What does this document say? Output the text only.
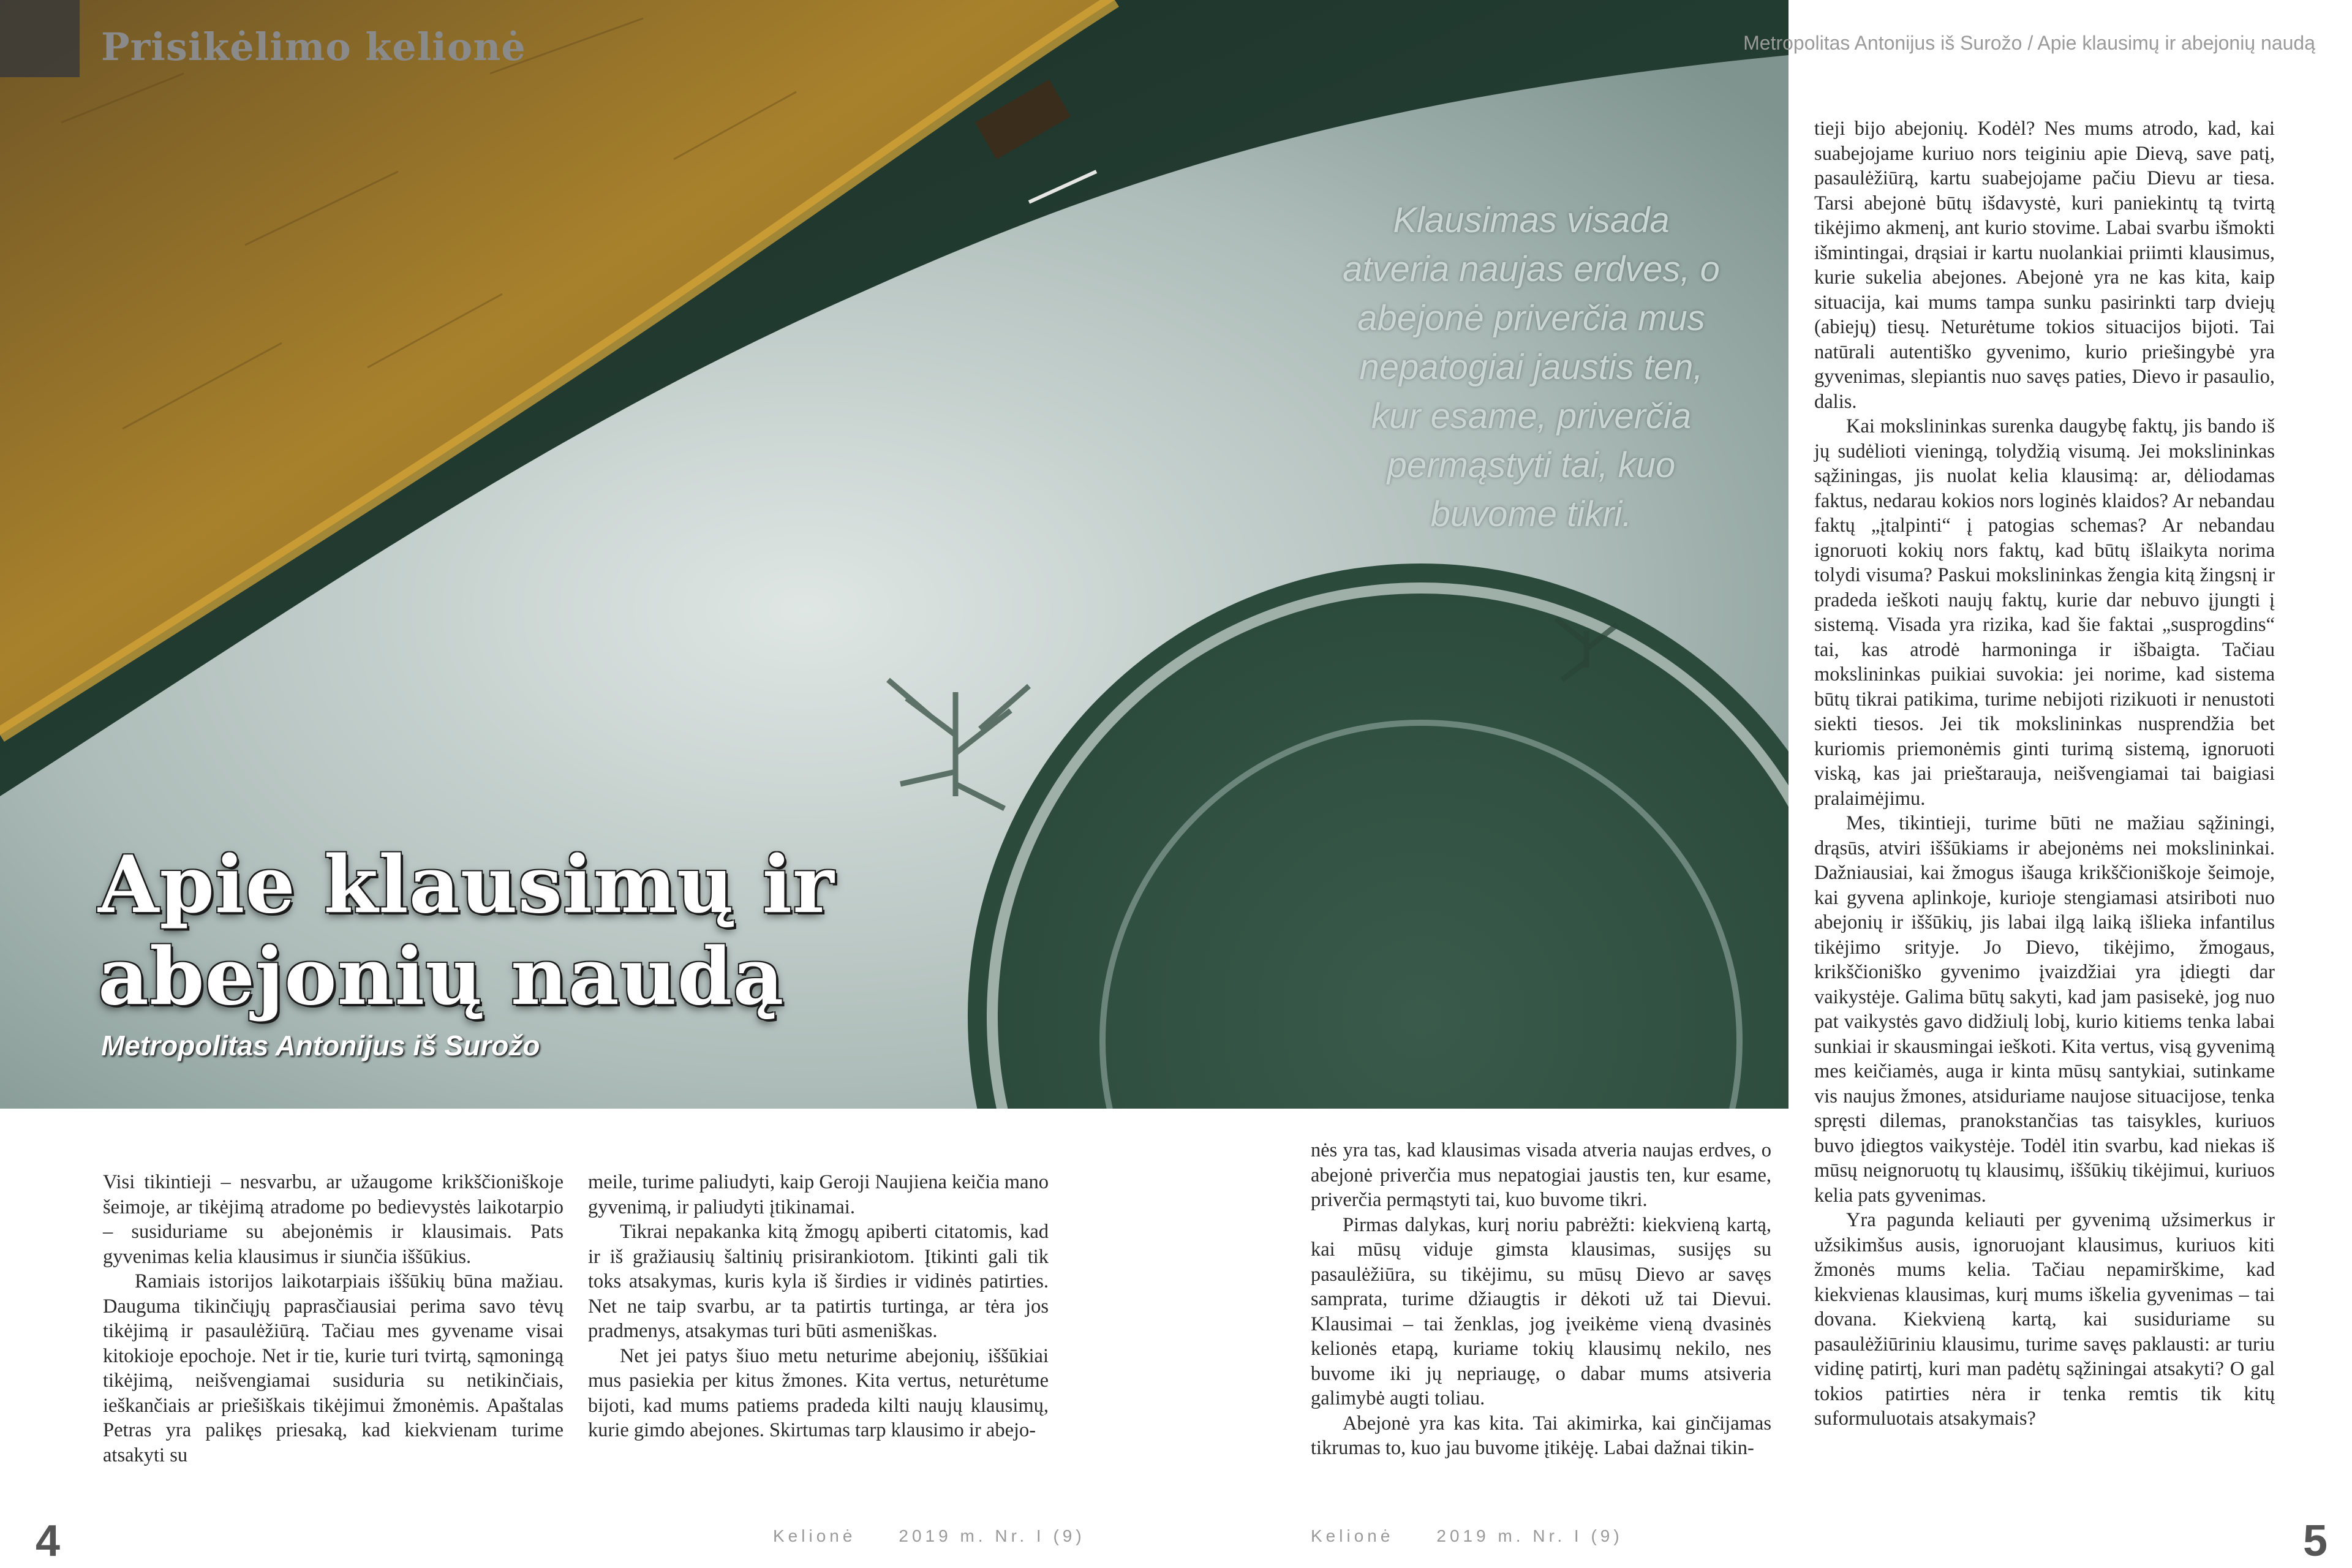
Prisikėlimo kelionė	Metropolitas Antonijus iš Surožo / Apie klausimų ir abejonių naudą
Klausimas visada atveria naujas erdves, o abejonė priverčia mus nepatogiai jaustis ten, kur esame, priverčia permąstyti tai, kuo buvome tikri.
Apie klausimų ir
abejonių naudą
Metropolitas Antonijus iš Surožo

Visi tikintieji – nesvarbu, ar užaugome krikščioniškoje šeimoje, ar tikėjimą atradome po bedievystės laikotarpio – susiduriame su abejonėmis ir klausimais. Pats gyvenimas kelia klausimus ir siunčia iššūkius.

Ramiais istorijos laikotarpiais iššūkių būna mažiau. Dauguma tikinčiųjų paprasčiausiai perima savo tėvų tikėjimą ir pasaulėžiūrą. Tačiau mes gyvename visai kitokioje epochoje. Net ir tie, kurie turi tvirtą, sąmoningą tikėjimą, neišvengiamai susiduria su netikinčiais, ieškančiais ar priešiškais tikėjimui žmonėmis. Apaštalas Petras yra palikęs priesaką, kad kiekvienam turime atsakyti su

meile, turime paliudyti, kaip Geroji Naujiena keičia mano gyvenimą, ir paliudyti įtikinamai.

Tikrai nepakanka kitą žmogų apiberti citatomis, kad ir iš gražiausių šaltinių prisirankiotom. Įtikinti gali tik toks atsakymas, kuris kyla iš širdies ir vidinės patirties. Net ne taip svarbu, ar ta patirtis turtinga, ar tėra jos pradmenys, atsakymas turi būti asmeniškas.

Net jei patys šiuo metu neturime abejonių, iššūkiai mus pasiekia per kitus žmones. Kita vertus, neturėtume bijoti, kad mums patiems pradeda kilti naujų klausimų, kurie gimdo abejones. Skirtumas tarp klausimo ir abejo-

nės yra tas, kad klausimas visada atveria naujas erdves, o abejonė priverčia mus nepatogiai jaustis ten, kur esame, priverčia permąstyti tai, kuo buvome tikri.

Pirmas dalykas, kurį noriu pabrėžti: kiekvieną kartą, kai mūsų viduje gimsta klausimas, susijęs su pasaulėžiūra, su tikėjimu, su mūsų Dievo ar savęs samprata, turime džiaugtis ir dėkoti už tai Dievui. Klausimai – tai ženklas, jog įveikėme vieną dvasinės kelionės etapą, kuriame tokių klausimų nekilo, nes buvome iki jų nepriaugę, o dabar mums atsiveria galimybė augti toliau.

Abejonė yra kas kita. Tai akimirka, kai ginčijamas tikrumas to, kuo jau buvome įtikėję. Labai dažnai tikin-

tieji bijo abejonių. Kodėl? Nes mums atrodo, kad, kai suabejojame kuriuo nors teiginiu apie Dievą, save patį, pasaulėžiūrą, kartu suabejojame pačiu Dievu ar tiesa. Tarsi abejonė būtų išdavystė, kuri paniekintų tą tvirtą tikėjimo akmenį, ant kurio stovime. Labai svarbu išmokti išmintingai, drąsiai ir kartu nuolankiai priimti klausimus, kurie sukelia abejones. Abejonė yra ne kas kita, kaip situacija, kai mums tampa sunku pasirinkti tarp dviejų (abiejų) tiesų. Neturėtume tokios situacijos bijoti. Tai natūrali autentiško gyvenimo, kurio priešingybė yra gyvenimas, slepiantis nuo savęs paties, Dievo ir pasaulio, dalis.

Kai mokslininkas surenka daugybę faktų, jis bando iš jų sudėlioti vieningą, tolydžią visumą. Jei mokslininkas sąžiningas, jis nuolat kelia klausimą: ar, dėliodamas faktus, nedarau kokios nors loginės klaidos? Ar nebandau faktų „įtalpinti“ į patogias schemas? Ar nebandau ignoruoti kokių nors faktų, kad būtų išlaikyta norima tolydi visuma? Paskui mokslininkas žengia kitą žingsnį ir pradeda ieškoti naujų faktų, kurie dar nebuvo įjungti į sistemą. Visada yra rizika, kad šie faktai „susprogdins“ tai, kas atrodė harmoninga ir išbaigta. Tačiau mokslininkas puikiai suvokia: jei norime, kad sistema būtų tikrai patikima, turime nebijoti rizikuoti ir nenustoti siekti tiesos. Jei tik mokslininkas nusprendžia bet kuriomis priemonėmis ginti turimą sistemą, ignoruoti viską, kas jai prieštarauja, neišvengiamai tai baigiasi pralaimėjimu.

Mes, tikintieji, turime būti ne mažiau sąžiningi, drąsūs, atviri iššūkiams ir abejonėms nei mokslininkai. Dažniausiai, kai žmogus išauga krikščioniškoje šeimoje, kai gyvena aplinkoje, kurioje stengiamasi atsiriboti nuo abejonių ir iššūkių, jis labai ilgą laiką išlieka infantilus tikėjimo srityje. Jo Dievo, tikėjimo, žmogaus, krikščioniško gyvenimo įvaizdžiai yra įdiegti dar vaikystėje. Galima būtų sakyti, kad jam pasisekė, jog nuo pat vaikystės gavo didžiulį lobį, kurio kitiems tenka labai sunkiai ir skausmingai ieškoti. Kita vertus, visą gyvenimą mes keičiamės, auga ir kinta mūsų santykiai, sutinkame vis naujus žmones, atsiduriame naujose situacijose, tenka spręsti dilemas, pranokstančias tas taisykles, kuriuos buvo įdiegtos vaikystėje. Todėl itin svarbu, kad niekas iš mūsų neignoruotų tų klausimų, iššūkių tikėjimui, kuriuos kelia pats gyvenimas.

Yra pagunda keliauti per gyvenimą užsimerkus ir užsikimšus ausis, ignoruojant klausimus, kuriuos kiti žmonės mums kelia. Tačiau nepamirškime, kad kiekvienas klausimas, kurį mums iškelia gyvenimas – tai dovana. Kiekvieną kartą, kai susiduriame su pasaulėžiūriniu klausimu, turime savęs paklausti: ar turiu vidinę patirtį, kuri man padėtų sąžiningai atsakyti? O gal tokios patirties nėra ir tenka remtis tik kitų suformuluotais atsakymais?

4	5
Kelionė	2019 m. Nr. I (9)	Kelionė	2019 m. Nr. I (9)
